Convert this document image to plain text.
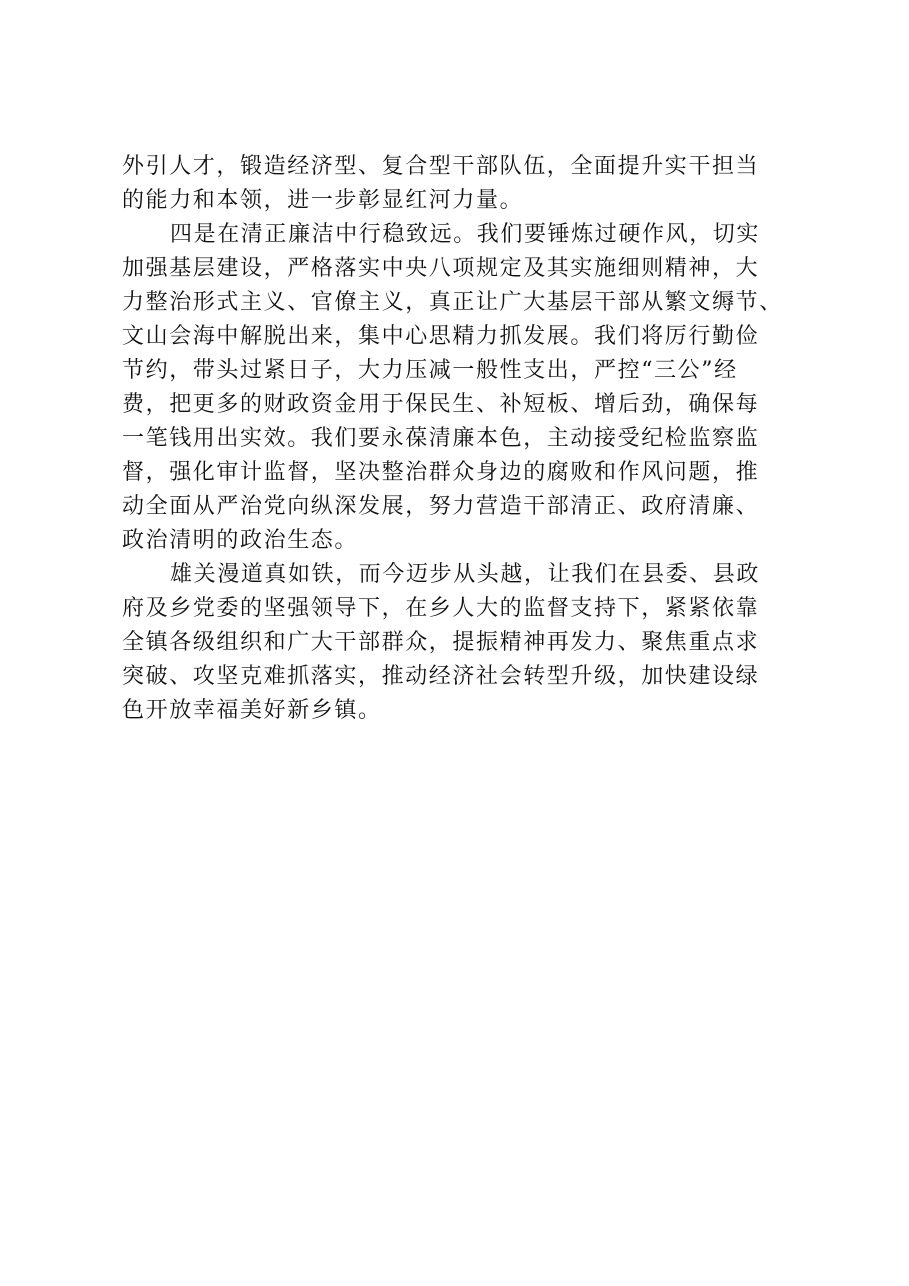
外引人才，锻造经济型、复合型干部队伍，全面提升实干担当
的能力和本领，进一步彰显红河力量。
四是在清正廉洁中行稳致远。我们要锤炼过硬作风，切实
加强基层建设，严格落实中央八项规定及其实施细则精神，大
力整治形式主义、官僚主义，真正让广大基层干部从繁文缛节、
文山会海中解脱出来，集中心思精力抓发展。我们将厉行勤俭
节约，带头过紧日子，大力压减一般性支出，严控“三公”经
费，把更多的财政资金用于保民生、补短板、增后劲，确保每
一笔钱用出实效。我们要永葆清廉本色，主动接受纪检监察监
督，强化审计监督，坚决整治群众身边的腐败和作风问题，推
动全面从严治党向纵深发展，努力营造干部清正、政府清廉、
政治清明的政治生态。
雄关漫道真如铁，而今迈步从头越，让我们在县委、县政
府及乡党委的坚强领导下，在乡人大的监督支持下，紧紧依靠
全镇各级组织和广大干部群众，提振精神再发力、聚焦重点求
突破、攻坚克难抓落实，推动经济社会转型升级，加快建设绿
色开放幸福美好新乡镇。
